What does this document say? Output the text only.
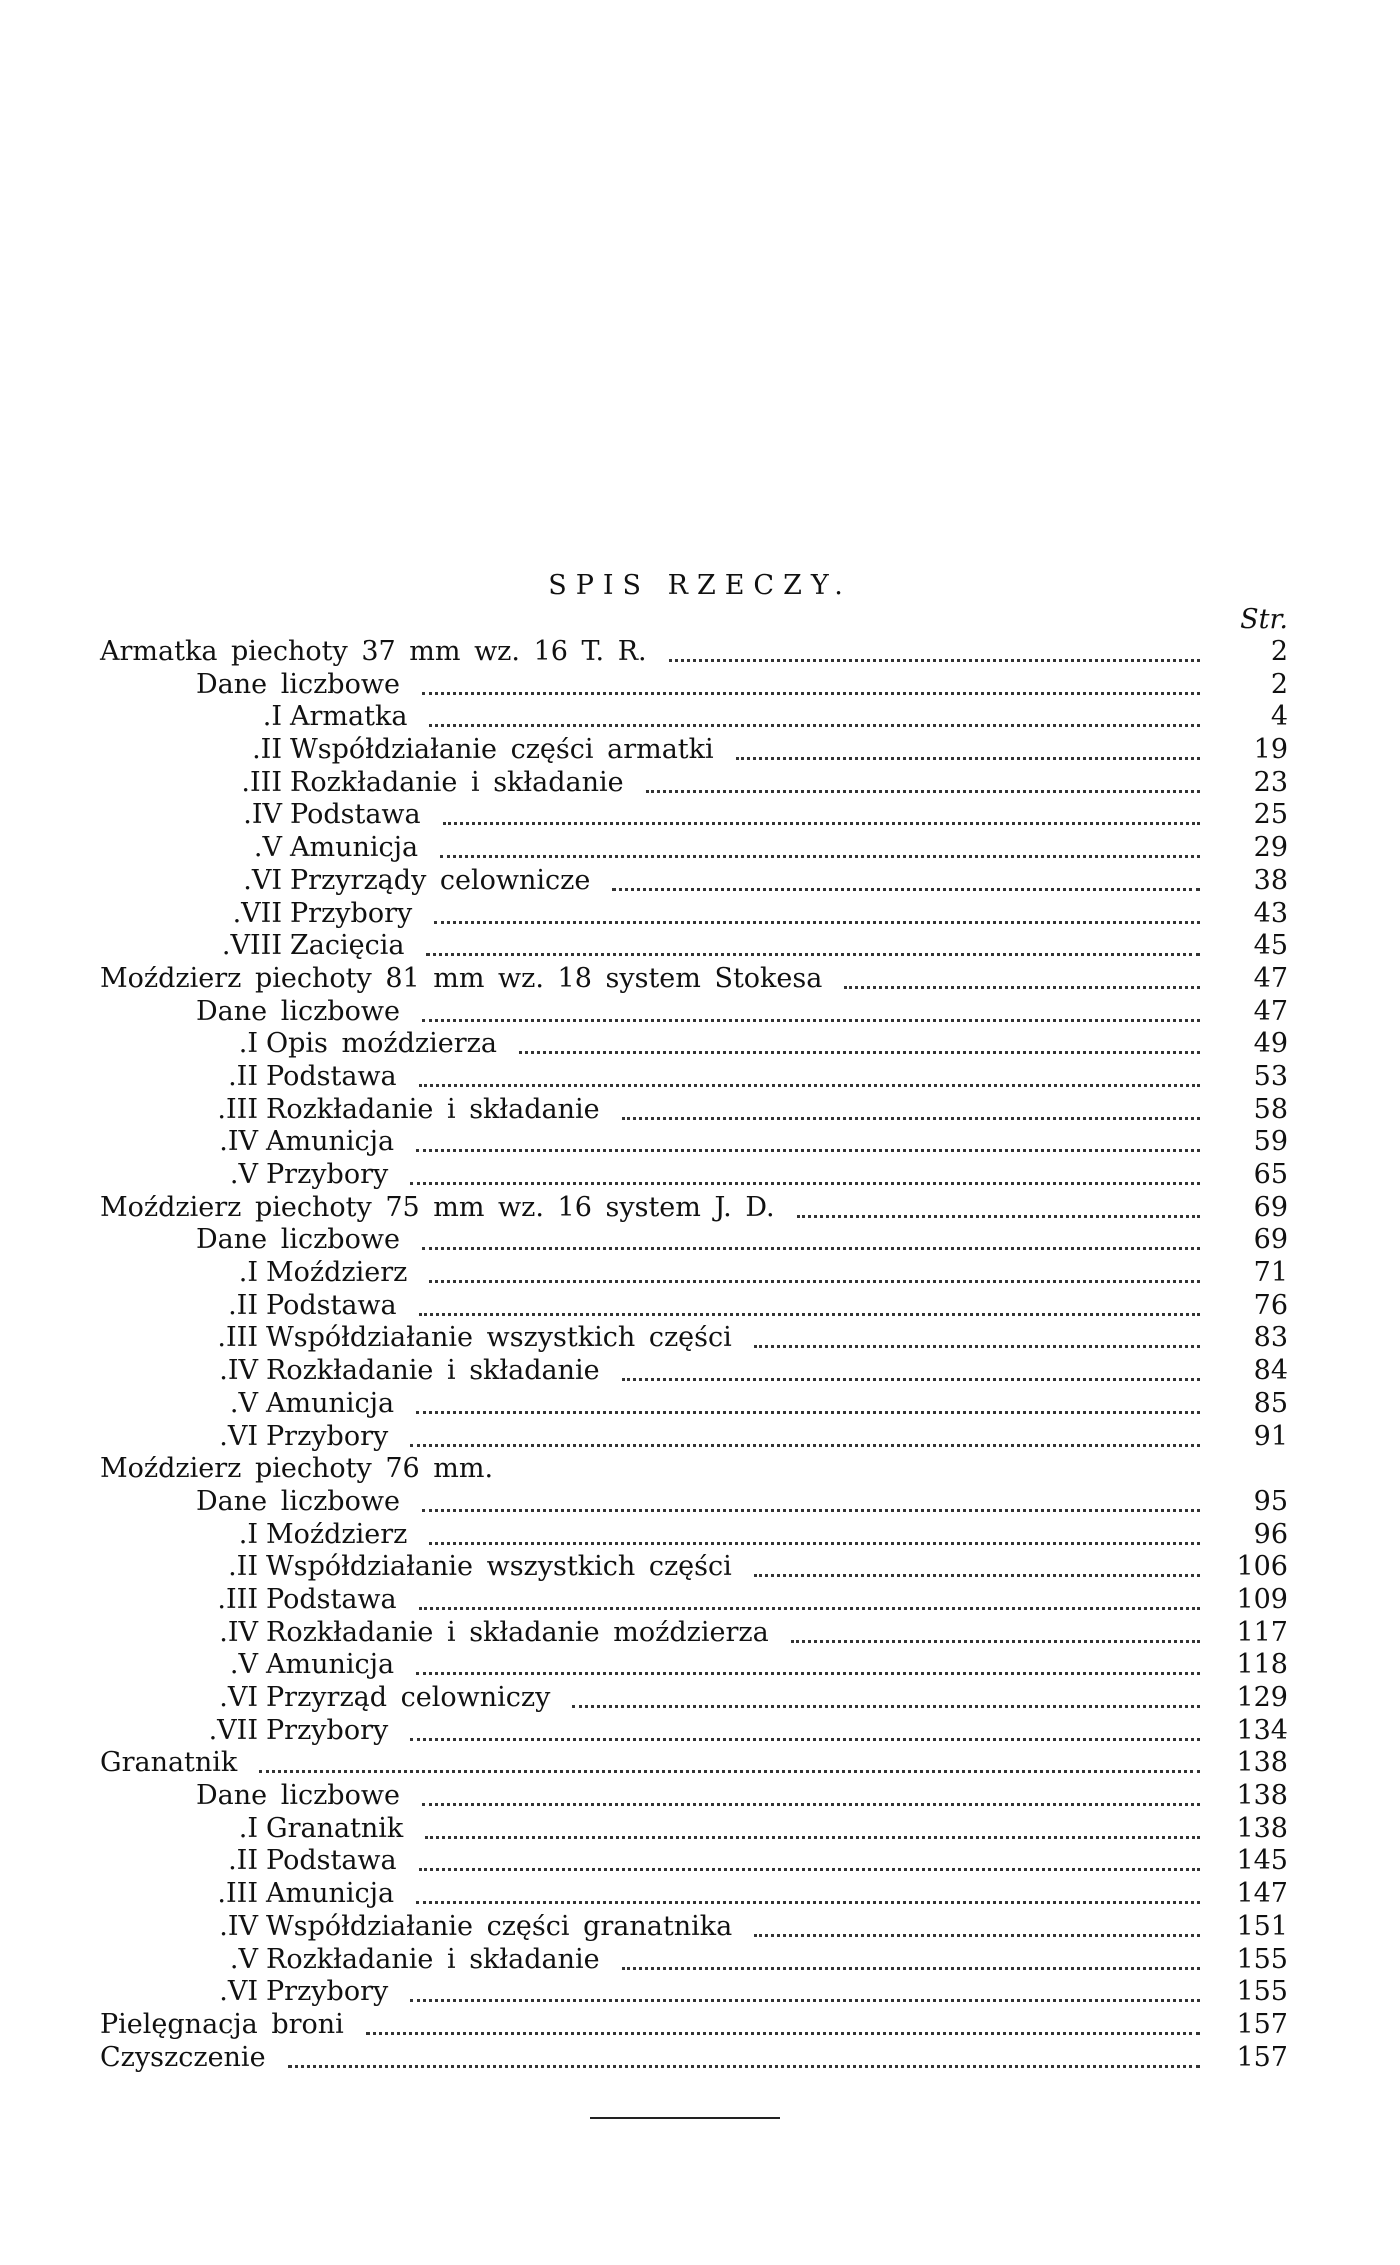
SPIS RZECZY.
Str.
Armatka piechoty 37 mm wz. 16 T. R.	2
Dane liczbowe	2
I. Armatka	4
II. Współdziałanie części armatki	19
III. Rozkładanie i składanie	23
IV. Podstawa	25
V. Amunicja	29
VI. Przyrządy celownicze	38
VII. Przybory	43
VIII. Zacięcia	45
Moździerz piechoty 81 mm wz. 18 system Stokesa	47
Dane liczbowe	47
I. Opis moździerza	49
II. Podstawa	53
III. Rozkładanie i składanie	58
IV. Amunicja	59
V. Przybory	65
Moździerz piechoty 75 mm wz. 16 system J. D.	69
Dane liczbowe	69
I. Moździerz	71
II. Podstawa	76
III. Współdziałanie wszystkich części	83
IV. Rozkładanie i składanie	84
V. Amunicja	85
VI. Przybory	91
Moździerz piechoty 76 mm.
Dane liczbowe	95
I. Moździerz	96
II. Współdziałanie wszystkich części	106
III. Podstawa	109
IV. Rozkładanie i składanie moździerza	117
V. Amunicja	118
VI. Przyrząd celowniczy	129
VII. Przybory	134
Granatnik	138
Dane liczbowe	138
I. Granatnik	138
II. Podstawa	145
III. Amunicja	147
IV. Współdziałanie części granatnika	151
V. Rozkładanie i składanie	155
VI. Przybory	155
Pielęgnacja broni	157
Czyszczenie	157
